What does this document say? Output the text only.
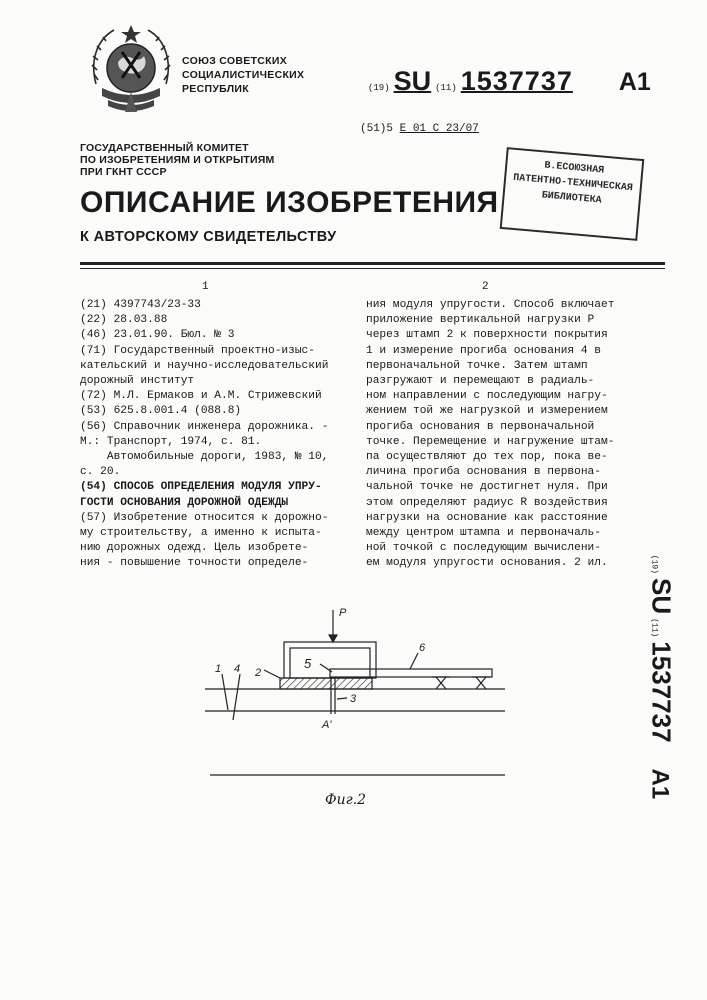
СОЮЗ СОВЕТСКИХ
СОЦИАЛИСТИЧЕСКИХ
РЕСПУБЛИК	(19) SU (11) 1537737 A1
(51)5 E 01 C 23/07
ГОСУДАРСТВЕННЫЙ КОМИТЕТ
ПО ИЗОБРЕТЕНИЯМ И ОТКРЫТИЯМ
ПРИ ГКНТ СССР	В.ЕСОЮЗНАЯ
ПАТЕНТНО-ТЕХНИЧЕСКАЯ
БИБЛИОТЕКА
ОПИСАНИЕ ИЗОБРЕТЕНИЯ
К АВТОРСКОМУ СВИДЕТЕЛЬСТВУ
1	2
(21) 4397743/23-33
(22) 28.03.88
(46) 23.01.90. Бюл. № 3
(71) Государственный проектно-изыс-
кательский и научно-исследовательский
дорожный институт
(72) М.Л. Ермаков и А.М. Стрижевский
(53) 625.8.001.4 (088.8)
(56) Справочник инженера дорожника. -
М.: Транспорт, 1974, с. 81.
Автомобильные дороги, 1983, № 10,
с. 20.
(54) СПОСОБ ОПРЕДЕЛЕНИЯ МОДУЛЯ УПРУ-
ГОСТИ ОСНОВАНИЯ ДОРОЖНОЙ ОДЕЖДЫ
(57) Изобретение относится к дорожно-
му строительству, а именно к испыта-
нию дорожных одежд. Цель изобрете-
ния - повышение точности определе-
ния модуля упругости. Способ включает
приложение вертикальной нагрузки P
через штамп 2 к поверхности покрытия
1 и измерение прогиба основания 4 в
первоначальной точке. Затем штамп
разгружают и перемещают в радиаль-
ном направлении с последующим нагру-
жением той же нагрузкой и измерением
прогиба основания в первоначальной
точке. Перемещение и нагружение штам-
па осуществляют до тех пор, пока ве-
личина прогиба основания в первона-
чальной точке не достигнет нуля. При
этом определяют радиус R воздействия
нагрузки на основание как расстояние
между центром штампа и первоначаль-
ной точкой с последующим вычислени-
ем модуля упругости основания. 2 ил.	(19)
SU
(11)
1537737
A1
P
1 4 2
5
6
3
A'
Фиг.2
